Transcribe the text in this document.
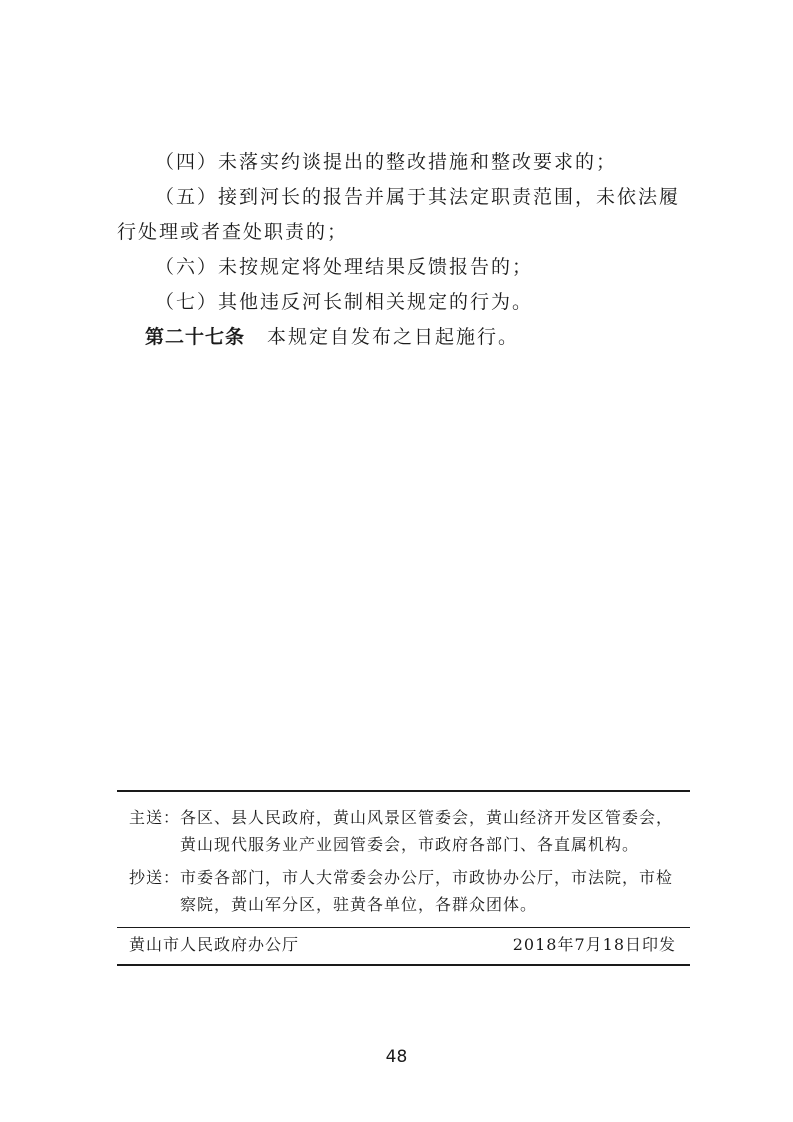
（四）未落实约谈提出的整改措施和整改要求的；

（五）接到河长的报告并属于其法定职责范围，未依法履行处理或者查处职责的；

（六）未按规定将处理结果反馈报告的；

（七）其他违反河长制相关规定的行为。

第二十七条 本规定自发布之日起施行。

主送： 各区、县人民政府，黄山风景区管委会，黄山经济开发区管委会，黄山现代服务业产业园管委会，市政府各部门、各直属机构。
抄送： 市委各部门，市人大常委会办公厅，市政协办公厅，市法院，市检察院，黄山军分区，驻黄各单位，各群众团体。
黄山市人民政府办公厅	2018年7月18日印发
48
